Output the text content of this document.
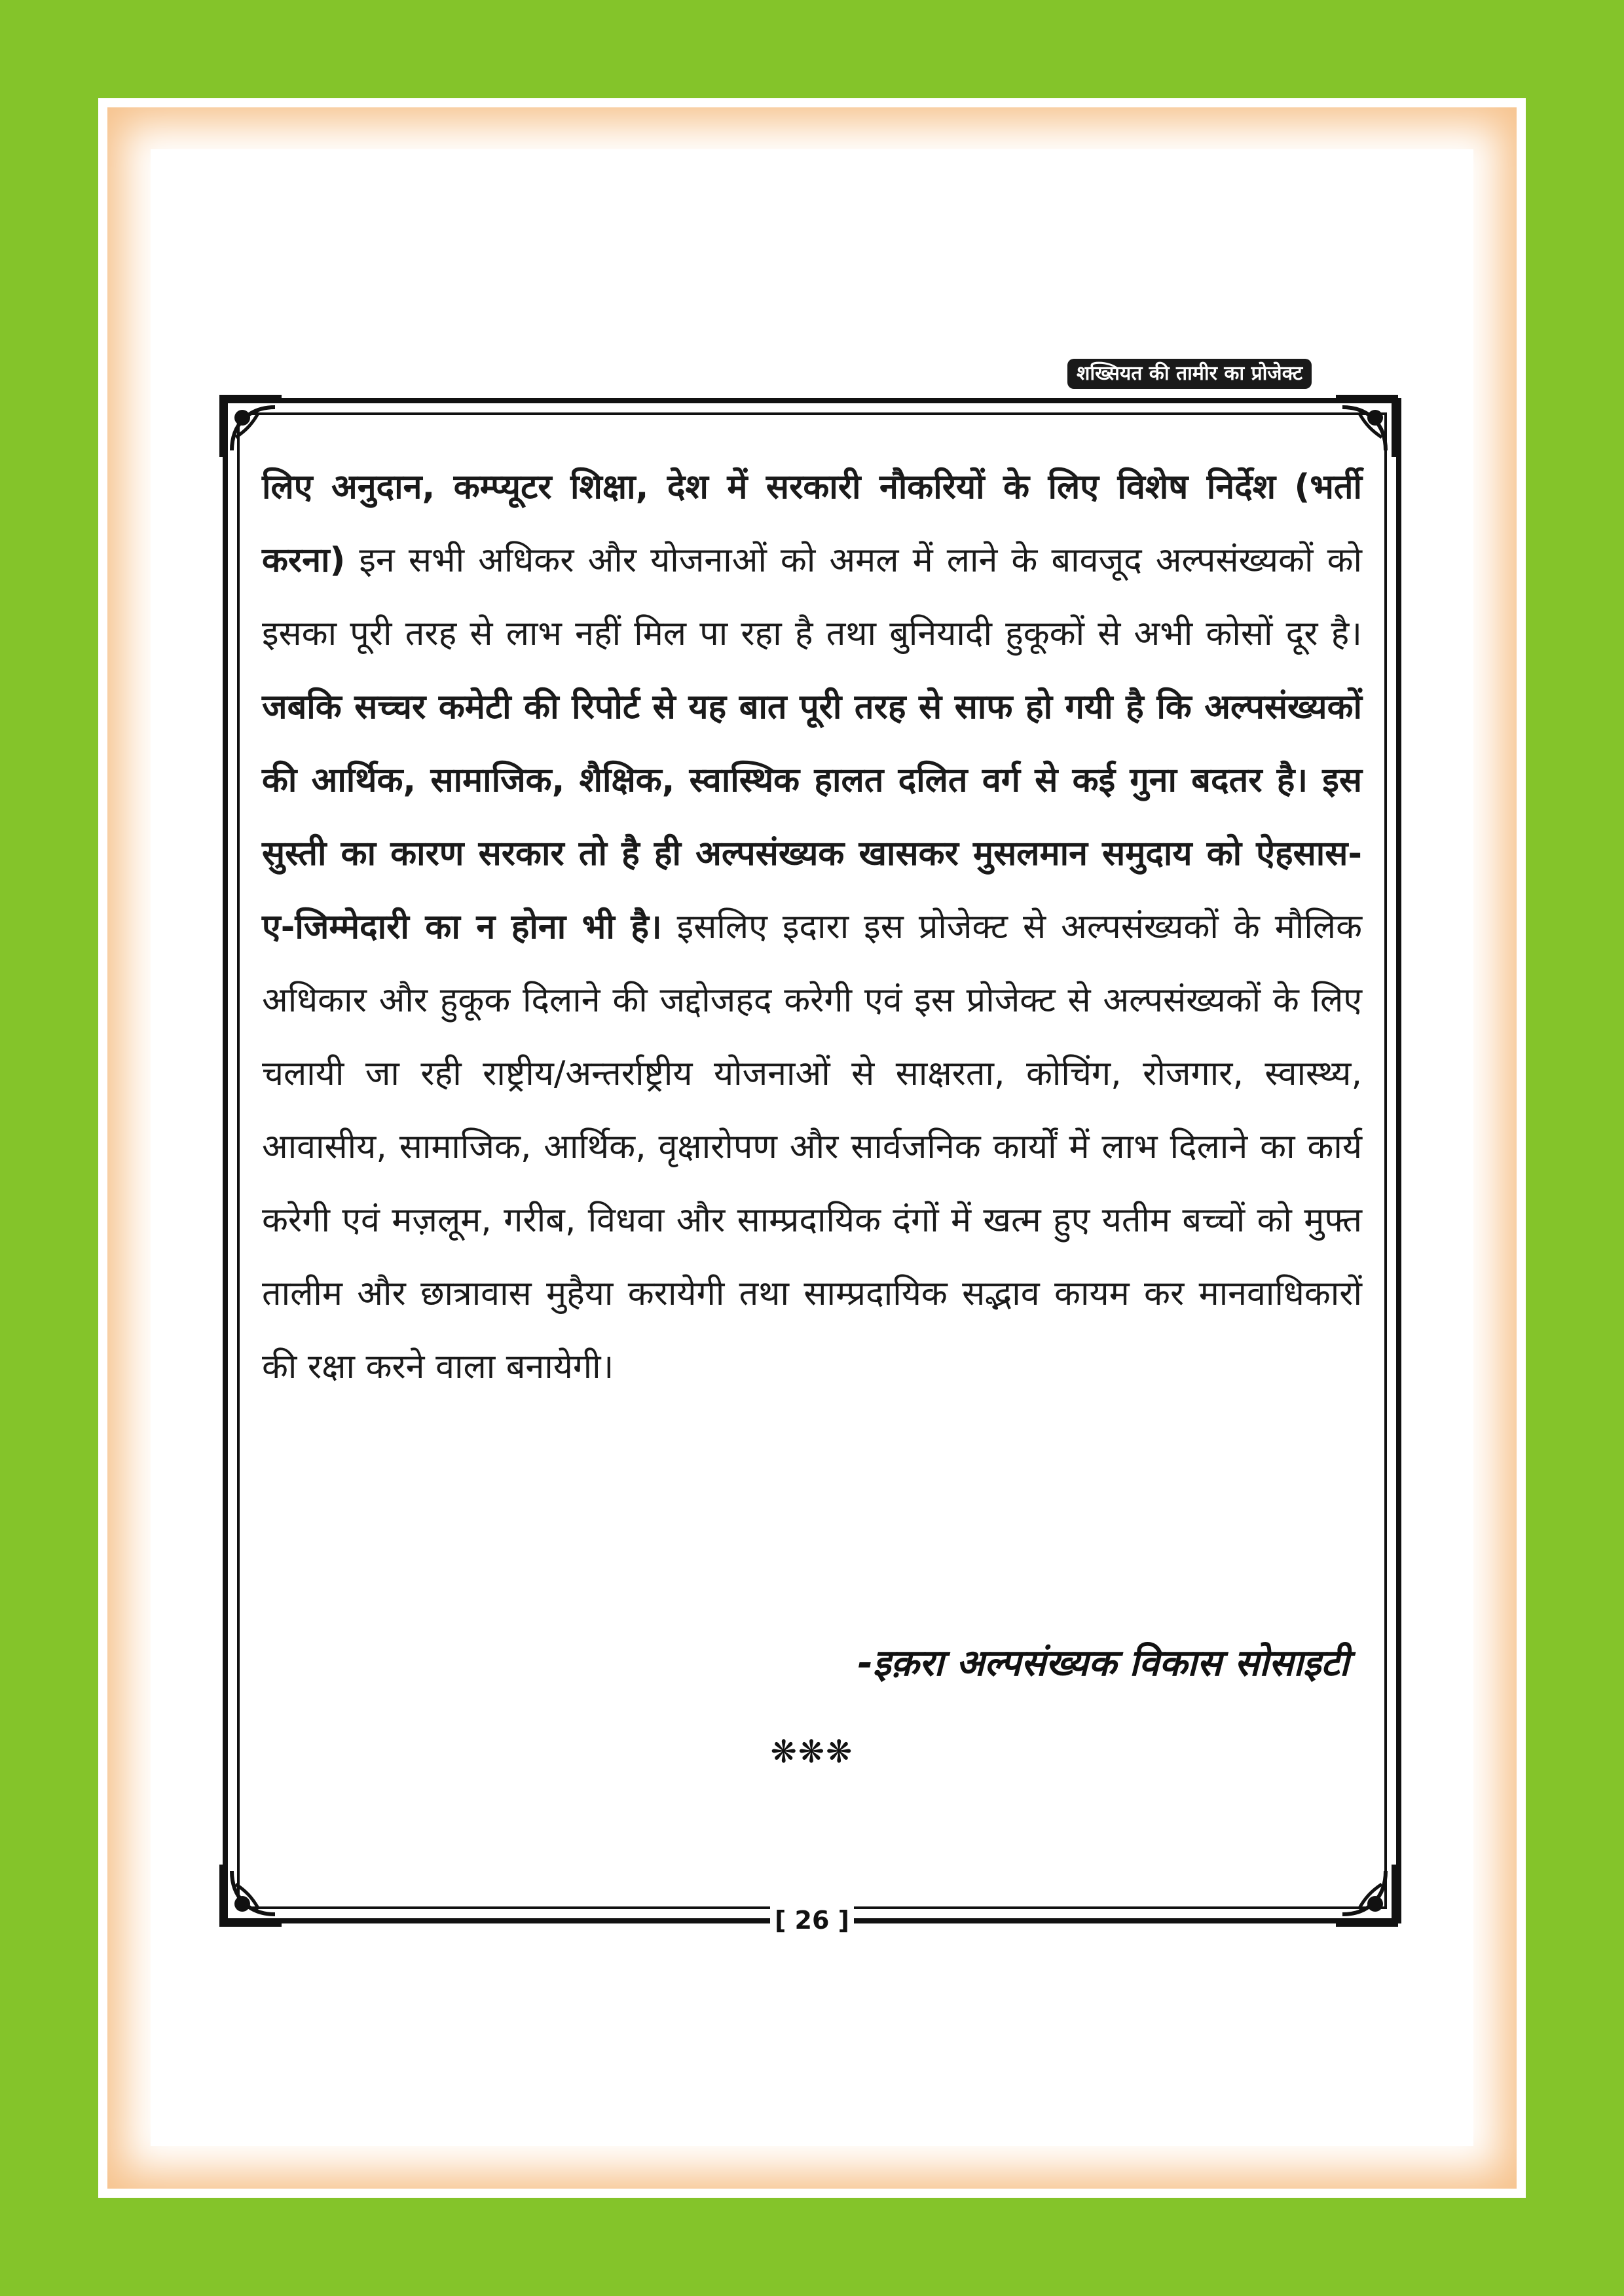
शख्सियत की तामीर का प्रोजेक्ट

लिए अनुदान, कम्प्यूटर शिक्षा, देश में सरकारी नौकरियों के लिए विशेष निर्देश (भर्ती करना) इन सभी अधिकर और योजनाओं को अमल में लाने के बावजूद अल्पसंख्यकों को इसका पूरी तरह से लाभ नहीं मिल पा रहा है तथा बुनियादी हुकूकों से अभी कोसों दूर है। जबकि सच्चर कमेटी की रिपोर्ट से यह बात पूरी तरह से साफ हो गयी है कि अल्पसंख्यकों की आर्थिक, सामाजिक, शैक्षिक, स्वास्थिक हालत दलित वर्ग से कई गुना बदतर है। इस सुस्ती का कारण सरकार तो है ही अल्पसंख्यक खासकर मुसलमान समुदाय को ऐहसास-ए-जिम्मेदारी का न होना भी है। इसलिए इदारा इस प्रोजेक्ट से अल्पसंख्यकों के मौलिक अधिकार और हुकूक दिलाने की जद्दोजहद करेगी एवं इस प्रोजेक्ट से अल्पसंख्यकों के लिए चलायी जा रही राष्ट्रीय/अन्तर्राष्ट्रीय योजनाओं से साक्षरता, कोचिंग, रोजगार, स्वास्थ्य, आवासीय, सामाजिक, आर्थिक, वृक्षारोपण और सार्वजनिक कार्यों में लाभ दिलाने का कार्य करेगी एवं मज़लूम, गरीब, विधवा और साम्प्रदायिक दंगों में खत्म हुए यतीम बच्चों को मुफ्त तालीम और छात्रावास मुहैया करायेगी तथा साम्प्रदायिक सद्भाव कायम कर मानवाधिकारों की रक्षा करने वाला बनायेगी।

-इक़रा अल्पसंख्यक विकास सोसाइटी
❋❋❋
[ 26 ]
